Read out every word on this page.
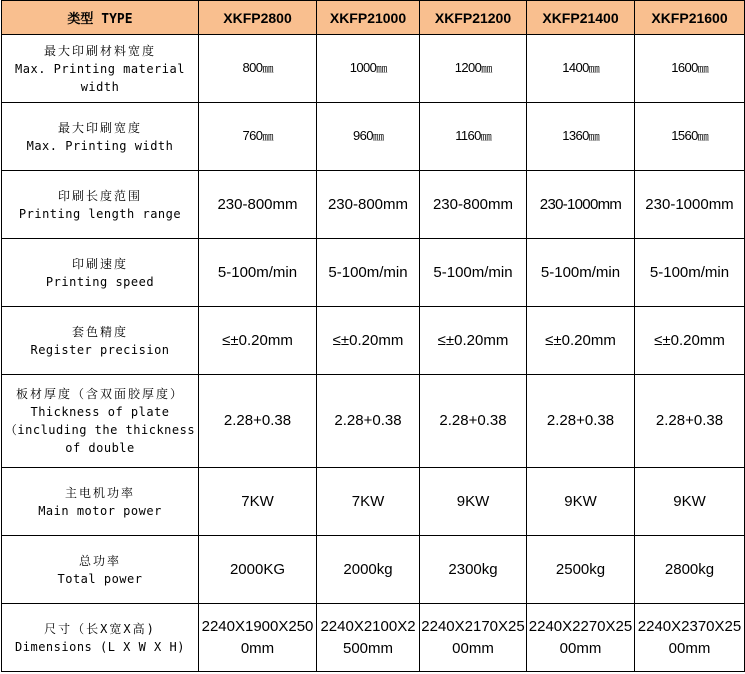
类型 TYPE	XKFP2800	XKFP21000	XKFP21200	XKFP21400	XKFP21600

最大印刷材料宽度
Max. Printing material width	800㎜	1000㎜	1200㎜	1400㎜	1600㎜

最大印刷宽度
Max. Printing width	760㎜	960㎜	1160㎜	1360㎜	1560㎜

印刷长度范围
Printing length range	230-800mm	230-800mm	230-800mm	230-1000mm	230-1000mm

印刷速度
Printing speed	5-100m/min	5-100m/min	5-100m/min	5-100m/min	5-100m/min

套色精度
Register precision	≤±0.20mm	≤±0.20mm	≤±0.20mm	≤±0.20mm	≤±0.20mm

板材厚度（含双面胶厚度）
Thickness of plate （including the thickness of double	2.28+0.38	2.28+0.38	2.28+0.38	2.28+0.38	2.28+0.38

主电机功率
Main motor power	7KW	7KW	9KW	9KW	9KW

总功率
Total power	2000KG	2000kg	2300kg	2500kg	2800kg

尺寸（长X宽X高)
Dimensions (L X W X H)	2240X1900X2500mm	2240X2100X2500mm	2240X2170X2500mm	2240X2270X2500mm	2240X2370X2500mm
